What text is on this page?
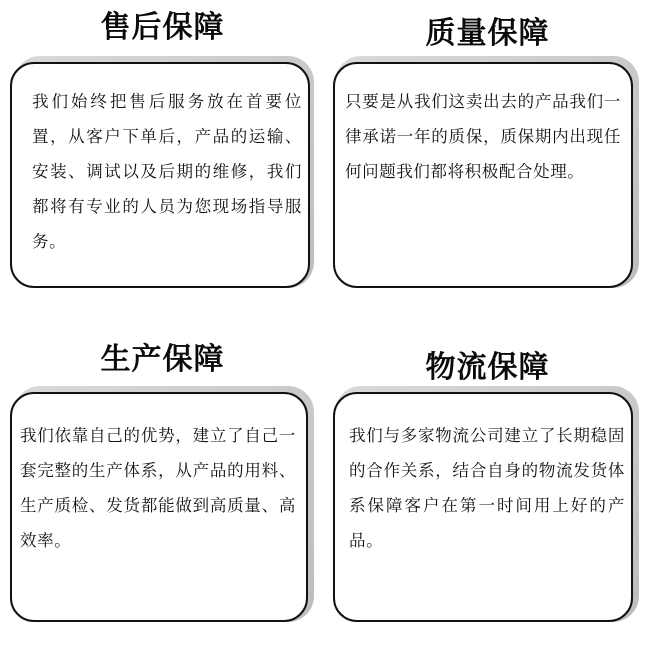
售后保障
我们始终把售后服务放在首要位置，从客户下单后，产品的运输、安装、调试以及后期的维修，我们都将有专业的人员为您现场指导服务。
质量保障
只要是从我们这卖出去的产品我们一律承诺一年的质保，质保期内出现任何问题我们都将积极配合处理。
生产保障
我们依靠自己的优势，建立了自己一套完整的生产体系，从产品的用料、生产质检、发货都能做到高质量、高效率。
物流保障
我们与多家物流公司建立了长期稳固的合作关系，结合自身的物流发货体系保障客户在第一时间用上好的产品。
